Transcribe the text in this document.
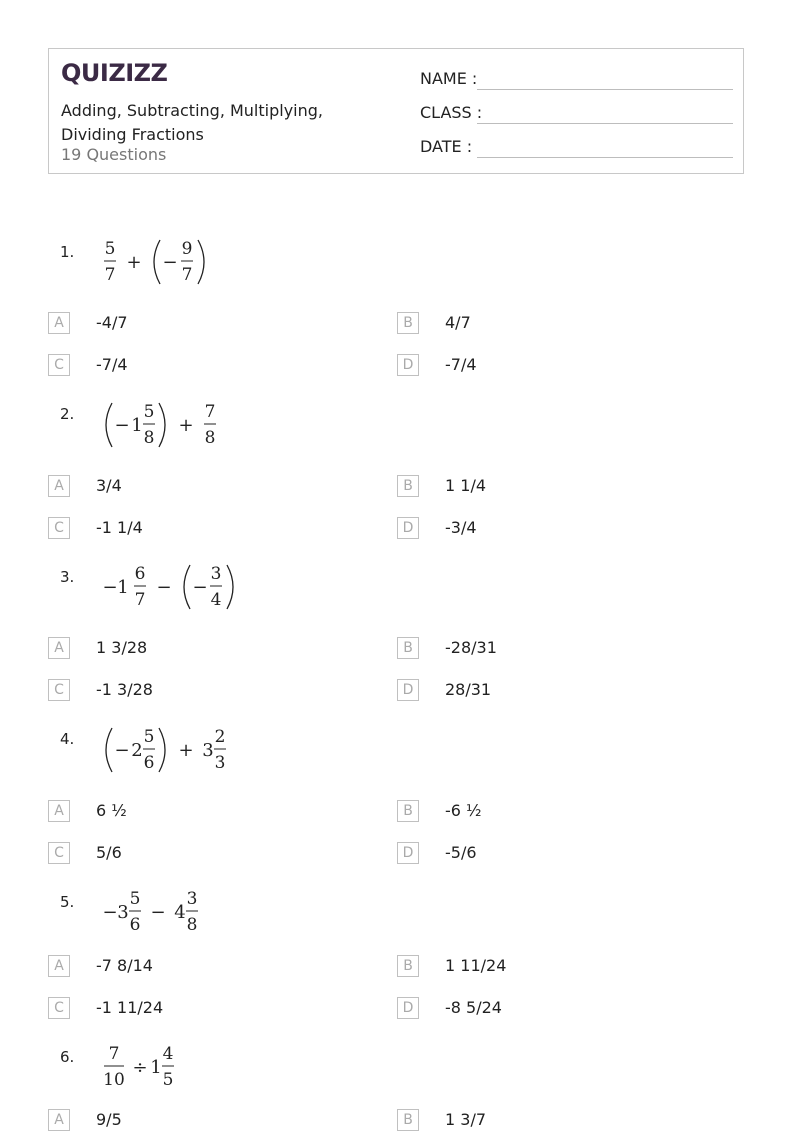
QUIZIZZ
Adding, Subtracting, Multiplying, Dividing Fractions
19 Questions
NAME :
CLASS :
DATE :
1. 5
7
+ −
9
7
A	-4/7	B	4/7
C	-7/4	D	-7/4
2.
− 1
5
8
+
7
8
A	3/4	B	1 1/4
C	-1 1/4	D	-3/4
3. − 1
6
7
− −
3
4
A	1 3/28	B	-28/31
C	-1 3/28	D	28/31
4.
− 2
5
6
+ 3
2
3
A	6 ½	B	-6 ½
C	5/6	D	-5/6
5. − 3
5
6
− 4
3
8
A	-7 8/14	B	1 11/24
C	-1 11/24	D	-8 5/24
6. 7
10
÷ 1
4
5
A	9/5	B	1 3/7
